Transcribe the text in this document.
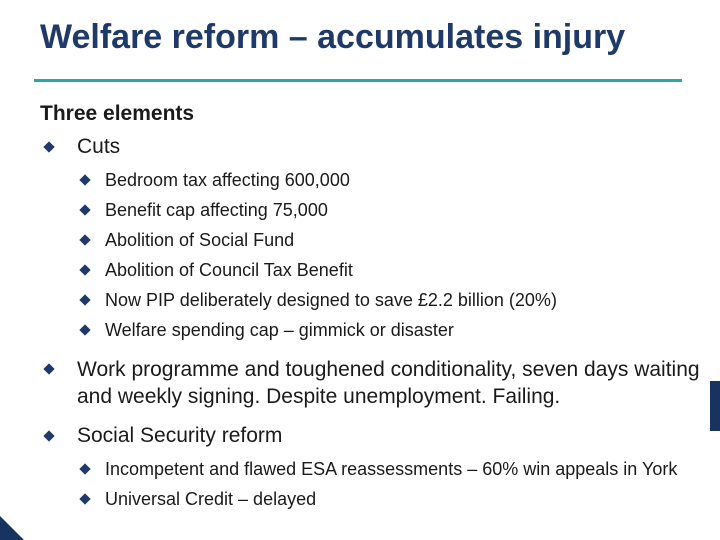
Welfare reform – accumulates injury

Three elements

Cuts
Bedroom tax affecting 600,000
Benefit cap affecting 75,000
Abolition of Social Fund
Abolition of Council Tax Benefit
Now PIP deliberately designed to save £2.2 billion (20%)
Welfare spending cap – gimmick or disaster
Work programme and toughened conditionality, seven days waiting and weekly signing. Despite unemployment. Failing.
Social Security reform
Incompetent and flawed ESA reassessments – 60% win appeals in York
Universal Credit – delayed
